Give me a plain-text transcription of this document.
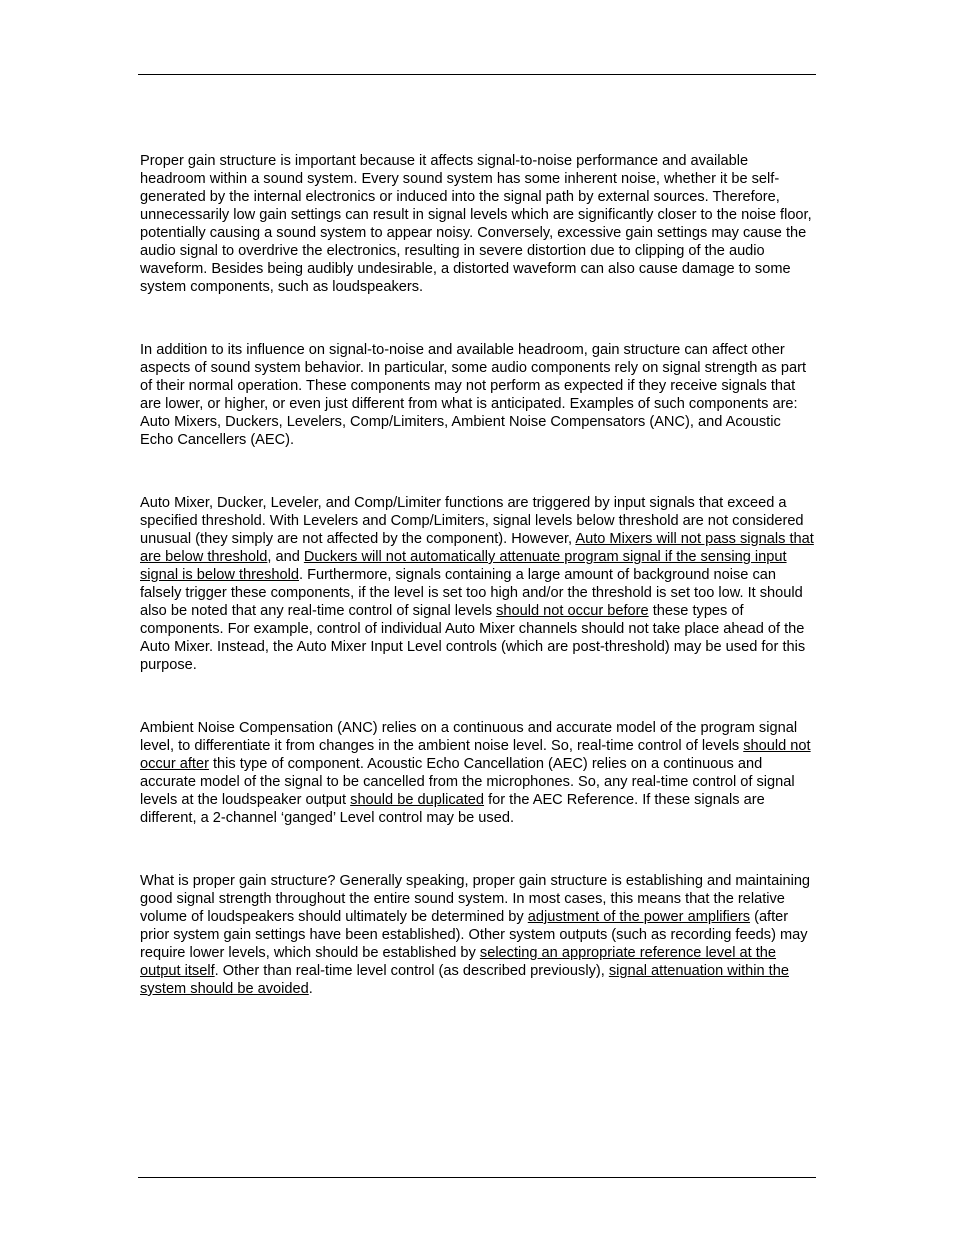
Proper gain structure is important because it affects signal-to-noise performance and available headroom within a sound system. Every sound system has some inherent noise, whether it be self-generated by the internal electronics or induced into the signal path by external sources. Therefore, unnecessarily low gain settings can result in signal levels which are significantly closer to the noise floor, potentially causing a sound system to appear noisy. Conversely, excessive gain settings may cause the audio signal to overdrive the electronics, resulting in severe distortion due to clipping of the audio waveform. Besides being audibly undesirable, a distorted waveform can also cause damage to some system components, such as loudspeakers.

In addition to its influence on signal-to-noise and available headroom, gain structure can affect other aspects of sound system behavior. In particular, some audio components rely on signal strength as part of their normal operation. These components may not perform as expected if they receive signals that are lower, or higher, or even just different from what is anticipated. Examples of such components are: Auto Mixers, Duckers, Levelers, Comp/Limiters, Ambient Noise Compensators (ANC), and Acoustic Echo Cancellers (AEC).

Auto Mixer, Ducker, Leveler, and Comp/Limiter functions are triggered by input signals that exceed a specified threshold. With Levelers and Comp/Limiters, signal levels below threshold are not considered unusual (they simply are not affected by the component). However, Auto Mixers will not pass signals that are below threshold, and Duckers will not automatically attenuate program signal if the sensing input signal is below threshold. Furthermore, signals containing a large amount of background noise can falsely trigger these components, if the level is set too high and/or the threshold is set too low. It should also be noted that any real-time control of signal levels should not occur before these types of components. For example, control of individual Auto Mixer channels should not take place ahead of the Auto Mixer. Instead, the Auto Mixer Input Level controls (which are post-threshold) may be used for this purpose.

Ambient Noise Compensation (ANC) relies on a continuous and accurate model of the program signal level, to differentiate it from changes in the ambient noise level. So, real-time control of levels should not occur after this type of component. Acoustic Echo Cancellation (AEC) relies on a continuous and accurate model of the signal to be cancelled from the microphones. So, any real-time control of signal levels at the loudspeaker output should be duplicated for the AEC Reference. If these signals are different, a 2-channel ‘ganged’ Level control may be used.

What is proper gain structure? Generally speaking, proper gain structure is establishing and maintaining good signal strength throughout the entire sound system. In most cases, this means that the relative volume of loudspeakers should ultimately be determined by adjustment of the power amplifiers (after prior system gain settings have been established). Other system outputs (such as recording feeds) may require lower levels, which should be established by selecting an appropriate reference level at the output itself. Other than real-time level control (as described previously), signal attenuation within the system should be avoided.
